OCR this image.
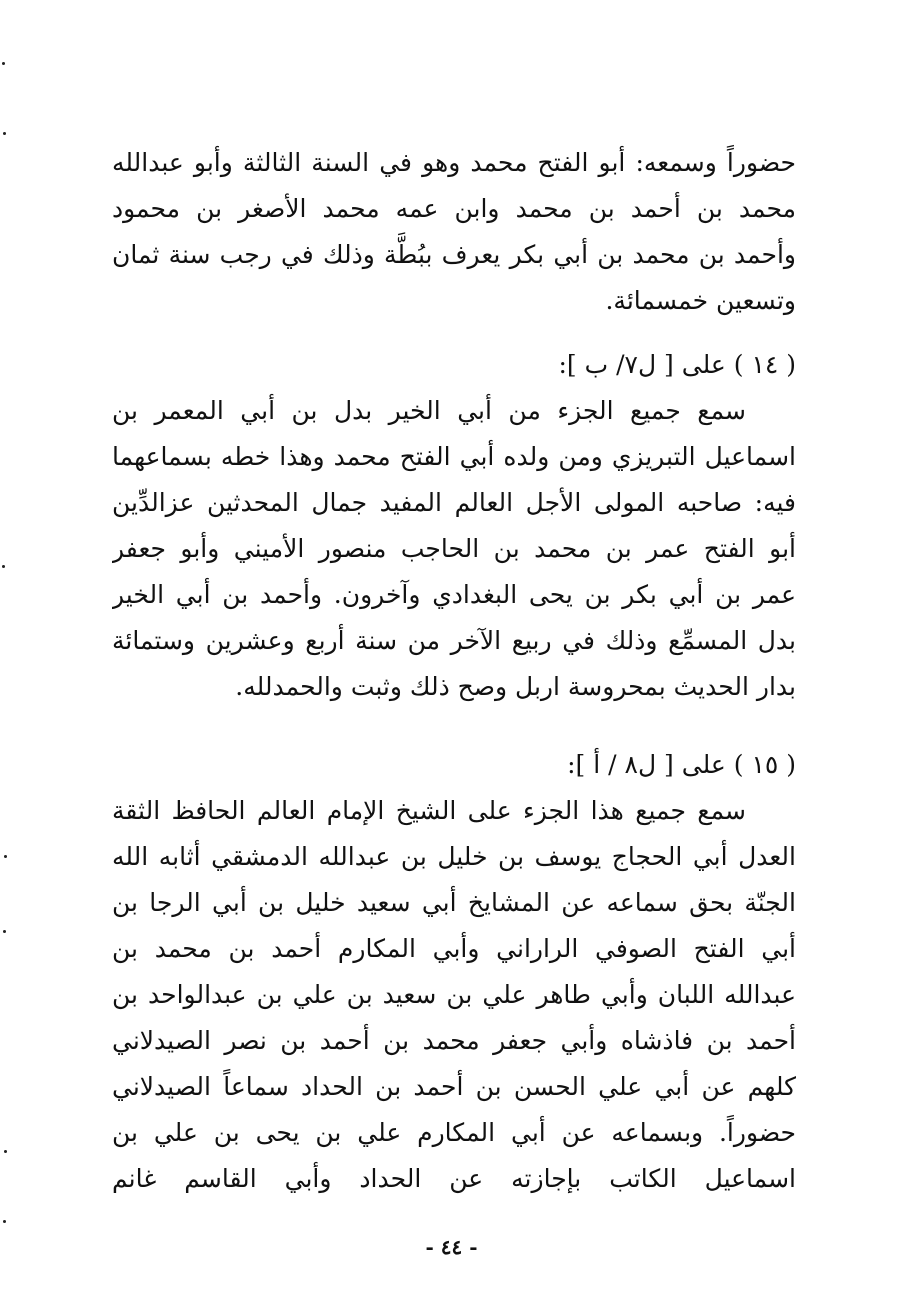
حضوراً وسمعه: أبو الفتح محمد وهو في السنة الثالثة وأبو عبدالله
محمد بن أحمد بن محمد وابن عمه محمد الأصغر بن محمود
وأحمد بن محمد بن أبي بكر يعرف ببُطَّة وذلك في رجب سنة ثمان
وتسعين خمسمائة.
( ١٤ ) على [ ل٧/ ب ]:
سمع جميع الجزء من أبي الخير بدل بن أبي المعمر بن
اسماعيل التبريزي ومن ولده أبي الفتح محمد وهذا خطه بسماعهما
فيه: صاحبه المولى الأجل العالم المفيد جمال المحدثين عزالدِّين
أبو الفتح عمر بن محمد بن الحاجب منصور الأميني وأبو جعفر
عمر بن أبي بكر بن يحى البغدادي وآخرون. وأحمد بن أبي الخير
بدل المسمِّع وذلك في ربيع الآخر من سنة أربع وعشرين وستمائة
بدار الحديث بمحروسة اربل وصح ذلك وثبت والحمدلله.
( ١٥ ) على [ ل٨ / أ ]:
سمع جميع هذا الجزء على الشيخ الإمام العالم الحافظ الثقة
العدل أبي الحجاج يوسف بن خليل بن عبدالله الدمشقي أثابه الله
الجنّة بحق سماعه عن المشايخ أبي سعيد خليل بن أبي الرجا بن
أبي الفتح الصوفي الراراني وأبي المكارم أحمد بن محمد بن
عبدالله اللبان وأبي طاهر علي بن سعيد بن علي بن عبدالواحد بن
أحمد بن فاذشاه وأبي جعفر محمد بن أحمد بن نصر الصيدلاني
كلهم عن أبي علي الحسن بن أحمد بن الحداد سماعاً الصيدلاني
حضوراً. وبسماعه عن أبي المكارم علي بن يحى بن علي بن
اسماعيل الكاتب بإجازته عن الحداد وأبي القاسم غانم
- ٤٤ -
